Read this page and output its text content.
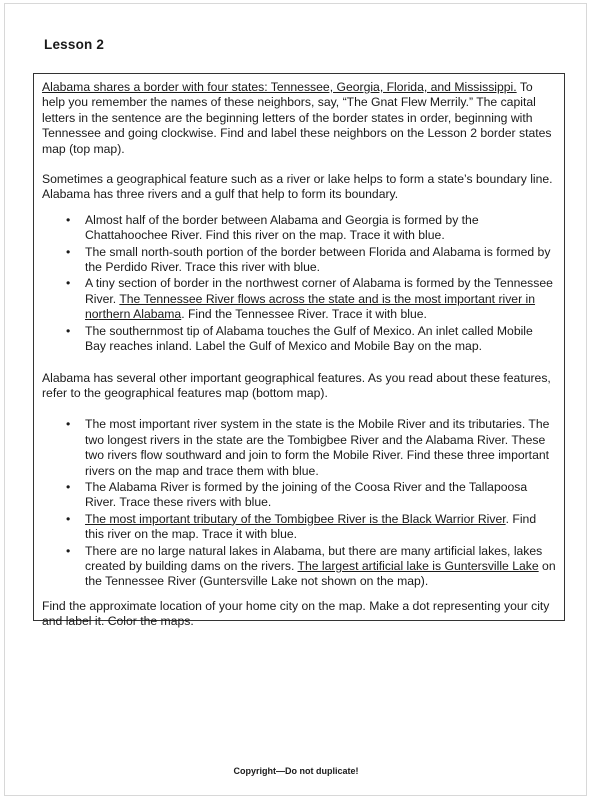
Lesson 2

Alabama shares a border with four states: Tennessee, Georgia, Florida, and Mississippi. To help you remember the names of these neighbors, say, “The Gnat Flew Merrily.” The capital letters in the sentence are the beginning letters of the border states in order, beginning with Tennessee and going clockwise. Find and label these neighbors on the Lesson 2 border states map (top map).

Sometimes a geographical feature such as a river or lake helps to form a state’s boundary line. Alabama has three rivers and a gulf that help to form its boundary.

• Almost half of the border between Alabama and Georgia is formed by the Chattahoochee River. Find this river on the map. Trace it with blue.
• The small north-south portion of the border between Florida and Alabama is formed by the Perdido River. Trace this river with blue.
• A tiny section of border in the northwest corner of Alabama is formed by the Tennessee River. The Tennessee River flows across the state and is the most important river in northern Alabama. Find the Tennessee River. Trace it with blue.
• The southernmost tip of Alabama touches the Gulf of Mexico. An inlet called Mobile Bay reaches inland. Label the Gulf of Mexico and Mobile Bay on the map.

Alabama has several other important geographical features. As you read about these features, refer to the geographical features map (bottom map).

• The most important river system in the state is the Mobile River and its tributaries. The two longest rivers in the state are the Tombigbee River and the Alabama River. These two rivers flow southward and join to form the Mobile River. Find these three important rivers on the map and trace them with blue.
• The Alabama River is formed by the joining of the Coosa River and the Tallapoosa River. Trace these rivers with blue.
• The most important tributary of the Tombigbee River is the Black Warrior River. Find this river on the map. Trace it with blue.
• There are no large natural lakes in Alabama, but there are many artificial lakes, lakes created by building dams on the rivers. The largest artificial lake is Guntersville Lake on the Tennessee River (Guntersville Lake not shown on the map).

Find the approximate location of your home city on the map. Make a dot representing your city and label it. Color the maps.

Copyright—Do not duplicate!
